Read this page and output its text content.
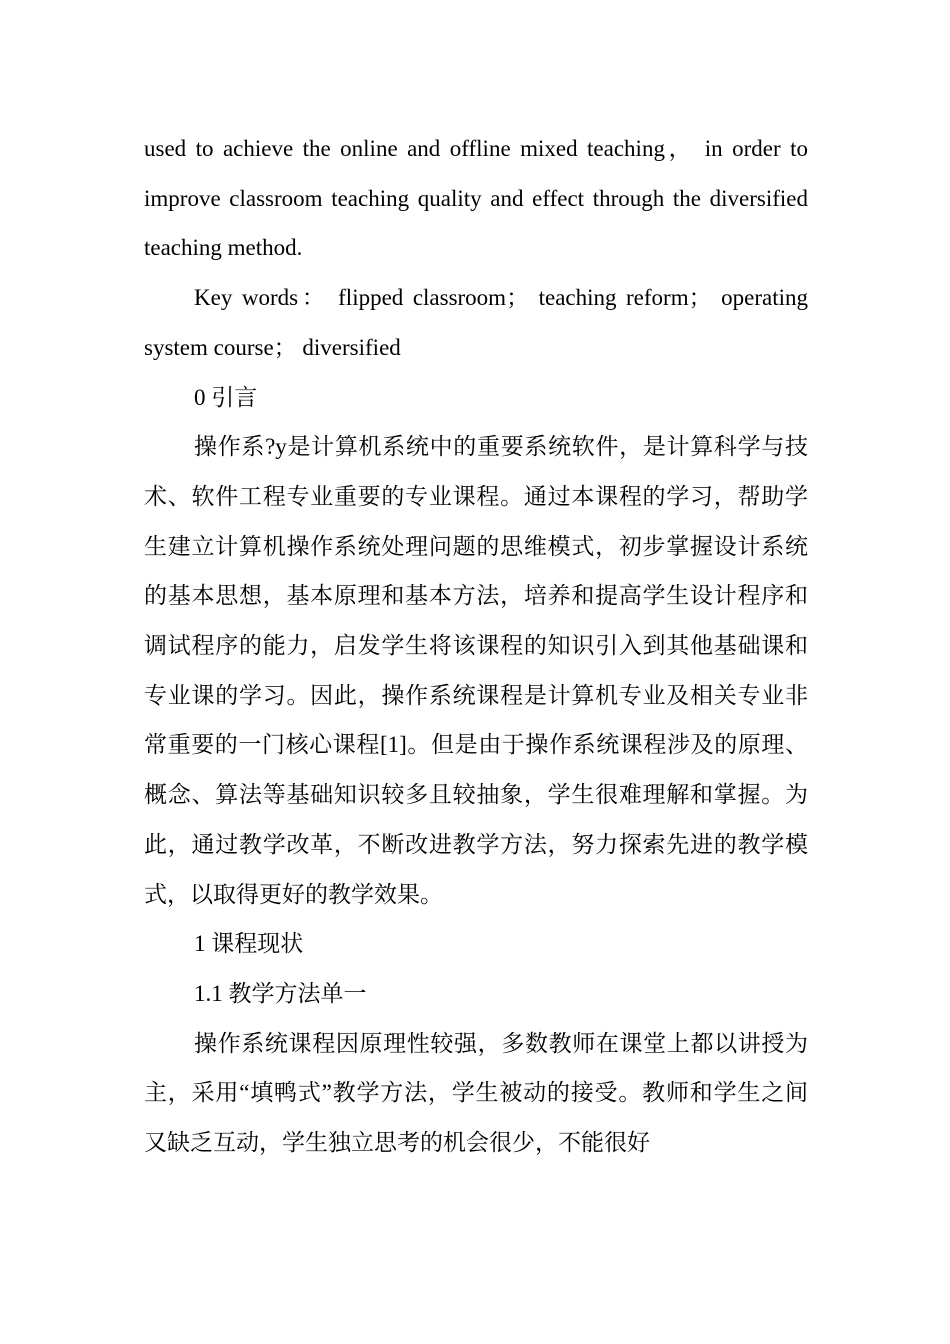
used to achieve the online and offline mixed teaching， in order to improve classroom teaching quality and effect through the diversified teaching method.

Key words： flipped classroom； teaching reform； operating system course； diversified

0 引言

操作系?y是计算机系统中的重要系统软件，是计算科学与技术、软件工程专业重要的专业课程。通过本课程的学习，帮助学生建立计算机操作系统处理问题的思维模式，初步掌握设计系统的基本思想，基本原理和基本方法，培养和提高学生设计程序和调试程序的能力，启发学生将该课程的知识引入到其他基础课和专业课的学习。因此，操作系统课程是计算机专业及相关专业非常重要的一门核心课程[1]。但是由于操作系统课程涉及的原理、概念、算法等基础知识较多且较抽象，学生很难理解和掌握。为此，通过教学改革，不断改进教学方法，努力探索先进的教学模式，以取得更好的教学效果。

1 课程现状

1.1 教学方法单一

操作系统课程因原理性较强，多数教师在课堂上都以讲授为主，采用“填鸭式”教学方法，学生被动的接受。教师和学生之间又缺乏互动，学生独立思考的机会很少，不能很好
